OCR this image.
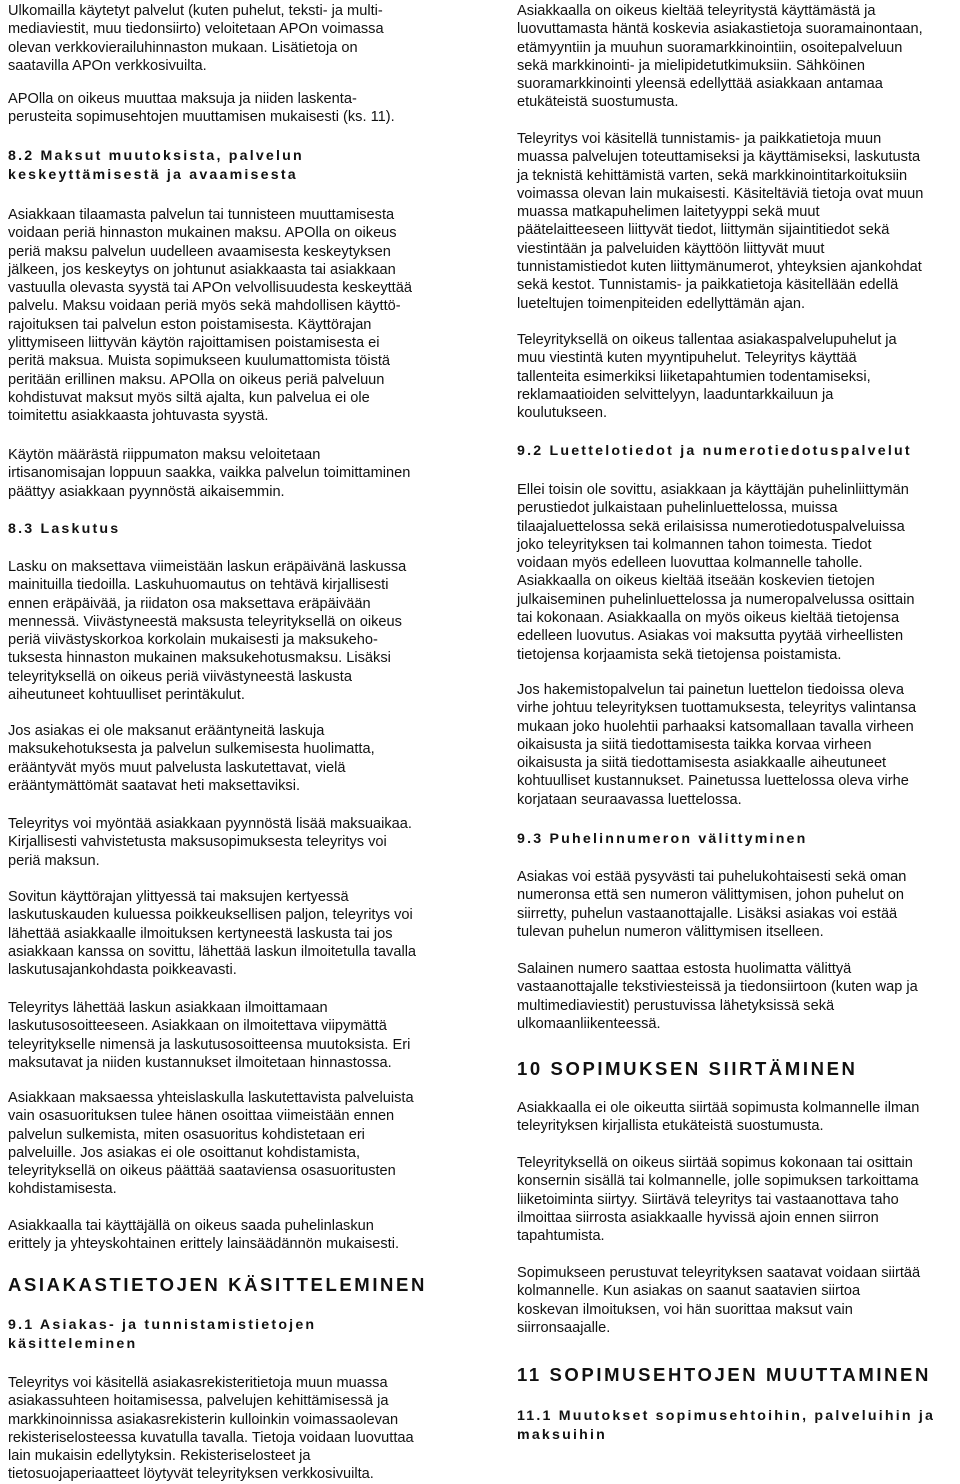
Ulkomailla käytetyt palvelut (kuten puhelut, teksti- ja multi-
mediaviestit, muu tiedonsiirto) veloitetaan APOn voimassa
olevan verkkovierailuhinnaston mukaan. Lisätietoja on
saatavilla APOn verkkosivuilta.

APOlla on oikeus muuttaa maksuja ja niiden laskenta-
perusteita sopimusehtojen muuttamisen mukaisesti (ks. 11).

8.2 Maksut muutoksista, palvelun
keskeyttämisestä ja avaamisesta

Asiakkaan tilaamasta palvelun tai tunnisteen muuttamisesta
voidaan periä hinnaston mukainen maksu. APOlla on oikeus
periä maksu palvelun uudelleen avaamisesta keskeytyksen
jälkeen, jos keskeytys on johtunut asiakkaasta tai asiakkaan
vastuulla olevasta syystä tai APOn velvollisuudesta keskeyttää
palvelu. Maksu voidaan periä myös sekä mahdollisen käyttö-
rajoituksen tai palvelun eston poistamisesta. Käyttörajan
ylittymiseen liittyvän käytön rajoittamisen poistamisesta ei
peritä maksua. Muista sopimukseen kuulumattomista töistä
peritään erillinen maksu. APOlla on oikeus periä palveluun
kohdistuvat maksut myös siltä ajalta, kun palvelua ei ole
toimitettu asiakkaasta johtuvasta syystä.

Käytön määrästä riippumaton maksu veloitetaan
irtisanomisajan loppuun saakka, vaikka palvelun toimittaminen
päättyy asiakkaan pyynnöstä aikaisemmin.

8.3 Laskutus

Lasku on maksettava viimeistään laskun eräpäivänä laskussa
mainituilla tiedoilla. Laskuhuomautus on tehtävä kirjallisesti
ennen eräpäivää, ja riidaton osa maksettava eräpäivään
mennessä. Viivästyneestä maksusta teleyrityksellä on oikeus
periä viivästyskorkoa korkolain mukaisesti ja maksukeho-
tuksesta hinnaston mukainen maksukehotusmaksu. Lisäksi
teleyrityksellä on oikeus periä viivästyneestä laskusta
aiheutuneet kohtuulliset perintäkulut.

Jos asiakas ei ole maksanut erääntyneitä laskuja
maksukehotuksesta ja palvelun sulkemisesta huolimatta,
erääntyvät myös muut palvelusta laskutettavat, vielä
erääntymättömät saatavat heti maksettaviksi.

Teleyritys voi myöntää asiakkaan pyynnöstä lisää maksuaikaa.
Kirjallisesti vahvistetusta maksusopimuksesta teleyritys voi
periä maksun.

Sovitun käyttörajan ylittyessä tai maksujen kertyessä
laskutuskauden kuluessa poikkeuksellisen paljon, teleyritys voi
lähettää asiakkaalle ilmoituksen kertyneestä laskusta tai jos
asiakkaan kanssa on sovittu, lähettää laskun ilmoitetulla tavalla
laskutusajankohdasta poikkeavasti.

Teleyritys lähettää laskun asiakkaan ilmoittamaan
laskutusosoitteeseen. Asiakkaan on ilmoitettava viipymättä
teleyritykselle nimensä ja laskutusosoitteensa muutoksista. Eri
maksutavat ja niiden kustannukset ilmoitetaan hinnastossa.

Asiakkaan maksaessa yhteislaskulla laskutettavista palveluista
vain osasuorituksen tulee hänen osoittaa viimeistään ennen
palvelun sulkemista, miten osasuoritus kohdistetaan eri
palveluille. Jos asiakas ei ole osoittanut kohdistamista,
teleyrityksellä on oikeus päättää saataviensa osasuoritusten
kohdistamisesta.

Asiakkaalla tai käyttäjällä on oikeus saada puhelinlaskun
erittely ja yhteyskohtainen erittely lainsäädännön mukaisesti.

ASIAKASTIETOJEN KÄSITTELEMINEN
9.1 Asiakas- ja tunnistamistietojen
käsitteleminen

Teleyritys voi käsitellä asiakasrekisteritietoja muun muassa
asiakassuhteen hoitamisessa, palvelujen kehittämisessä ja
markkinoinnissa asiakasrekisterin kulloinkin voimassaolevan
rekisteriselosteessa kuvatulla tavalla. Tietoja voidaan luovuttaa
lain mukaisin edellytyksin. Rekisteriselosteet ja
tietosuojaperiaatteet löytyvät teleyrityksen verkkosivuilta.

Asiakkaalla on oikeus kieltää teleyritystä käyttämästä ja
luovuttamasta häntä koskevia asiakastietoja suoramainontaan,
etämyyntiin ja muuhun suoramarkkinointiin, osoitepalveluun
sekä markkinointi- ja mielipidetutkimuksiin. Sähköinen
suoramarkkinointi yleensä edellyttää asiakkaan antamaa
etukäteistä suostumusta.

Teleyritys voi käsitellä tunnistamis- ja paikkatietoja muun
muassa palvelujen toteuttamiseksi ja käyttämiseksi, laskutusta
ja teknistä kehittämistä varten, sekä markkinointitarkoituksiin
voimassa olevan lain mukaisesti. Käsiteltäviä tietoja ovat muun
muassa matkapuhelimen laitetyyppi sekä muut
päätelaitteeseen liittyvät tiedot, liittymän sijaintitiedot sekä
viestintään ja palveluiden käyttöön liittyvät muut
tunnistamistiedot kuten liittymänumerot, yhteyksien ajankohdat
sekä kestot. Tunnistamis- ja paikkatietoja käsitellään edellä
lueteltujen toimenpiteiden edellyttämän ajan.

Teleyrityksellä on oikeus tallentaa asiakaspalvelupuhelut ja
muu viestintä kuten myyntipuhelut. Teleyritys käyttää
tallenteita esimerkiksi liiketapahtumien todentamiseksi,
reklamaatioiden selvittelyyn, laaduntarkkailuun ja
koulutukseen.

9.2 Luettelotiedot ja numerotiedotuspalvelut

Ellei toisin ole sovittu, asiakkaan ja käyttäjän puhelinliittymän
perustiedot julkaistaan puhelinluettelossa, muissa
tilaajaluettelossa sekä erilaisissa numerotiedotuspalveluissa
joko teleyrityksen tai kolmannen tahon toimesta. Tiedot
voidaan myös edelleen luovuttaa kolmannelle taholle.
Asiakkaalla on oikeus kieltää itseään koskevien tietojen
julkaiseminen puhelinluettelossa ja numeropalvelussa osittain
tai kokonaan. Asiakkaalla on myös oikeus kieltää tietojensa
edelleen luovutus. Asiakas voi maksutta pyytää virheellisten
tietojensa korjaamista sekä tietojensa poistamista.

Jos hakemistopalvelun tai painetun luettelon tiedoissa oleva
virhe johtuu teleyrityksen tuottamuksesta, teleyritys valintansa
mukaan joko huolehtii parhaaksi katsomallaan tavalla virheen
oikaisusta ja siitä tiedottamisesta taikka korvaa virheen
oikaisusta ja siitä tiedottamisesta asiakkaalle aiheutuneet
kohtuulliset kustannukset. Painetussa luettelossa oleva virhe
korjataan seuraavassa luettelossa.

9.3 Puhelinnumeron välittyminen

Asiakas voi estää pysyvästi tai puhelukohtaisesti sekä oman
numeronsa että sen numeron välittymisen, johon puhelut on
siirretty, puhelun vastaanottajalle. Lisäksi asiakas voi estää
tulevan puhelun numeron välittymisen itselleen.

Salainen numero saattaa estosta huolimatta välittyä
vastaanottajalle tekstiviesteissä ja tiedonsiirtoon (kuten wap ja
multimediaviestit) perustuvissa lähetyksissä sekä
ulkomaanliikenteessä.

10 SOPIMUKSEN SIIRTÄMINEN

Asiakkaalla ei ole oikeutta siirtää sopimusta kolmannelle ilman
teleyrityksen kirjallista etukäteistä suostumusta.

Teleyrityksellä on oikeus siirtää sopimus kokonaan tai osittain
konsernin sisällä tai kolmannelle, jolle sopimuksen tarkoittama
liiketoiminta siirtyy. Siirtävä teleyritys tai vastaanottava taho
ilmoittaa siirrosta asiakkaalle hyvissä ajoin ennen siirron
tapahtumista.

Sopimukseen perustuvat teleyrityksen saatavat voidaan siirtää
kolmannelle. Kun asiakas on saanut saatavien siirtoa
koskevan ilmoituksen, voi hän suorittaa maksut vain
siirronsaajalle.

11 SOPIMUSEHTOJEN MUUTTAMINEN
11.1 Muutokset sopimusehtoihin, palveluihin ja
maksuihin
